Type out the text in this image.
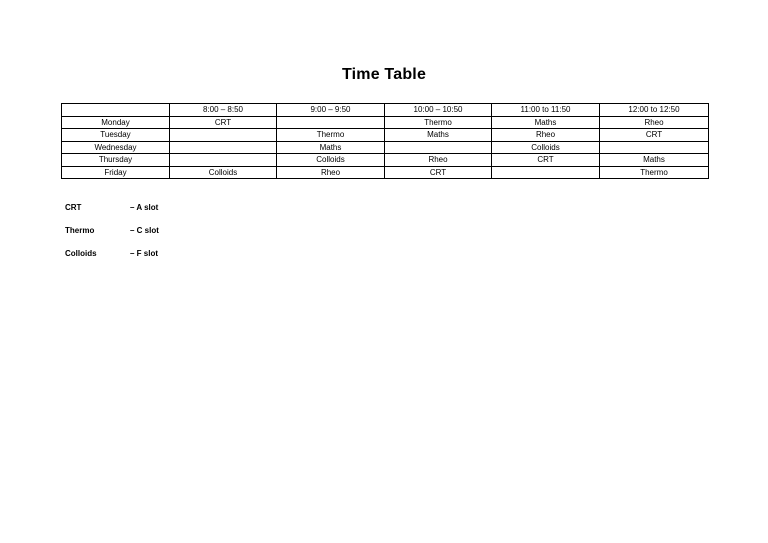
Time Table
	8:00 – 8:50	9:00 – 9:50	10:00 – 10:50	11:00 to 11:50	12:00 to 12:50
Monday	CRT		Thermo	Maths	Rheo
Tuesday		Thermo	Maths	Rheo	CRT
Wednesday		Maths		Colloids	
Thursday		Colloids	Rheo	CRT	Maths
Friday	Colloids	Rheo	CRT		Thermo
CRT	– A slot
Thermo	– C slot
Colloids	– F slot
